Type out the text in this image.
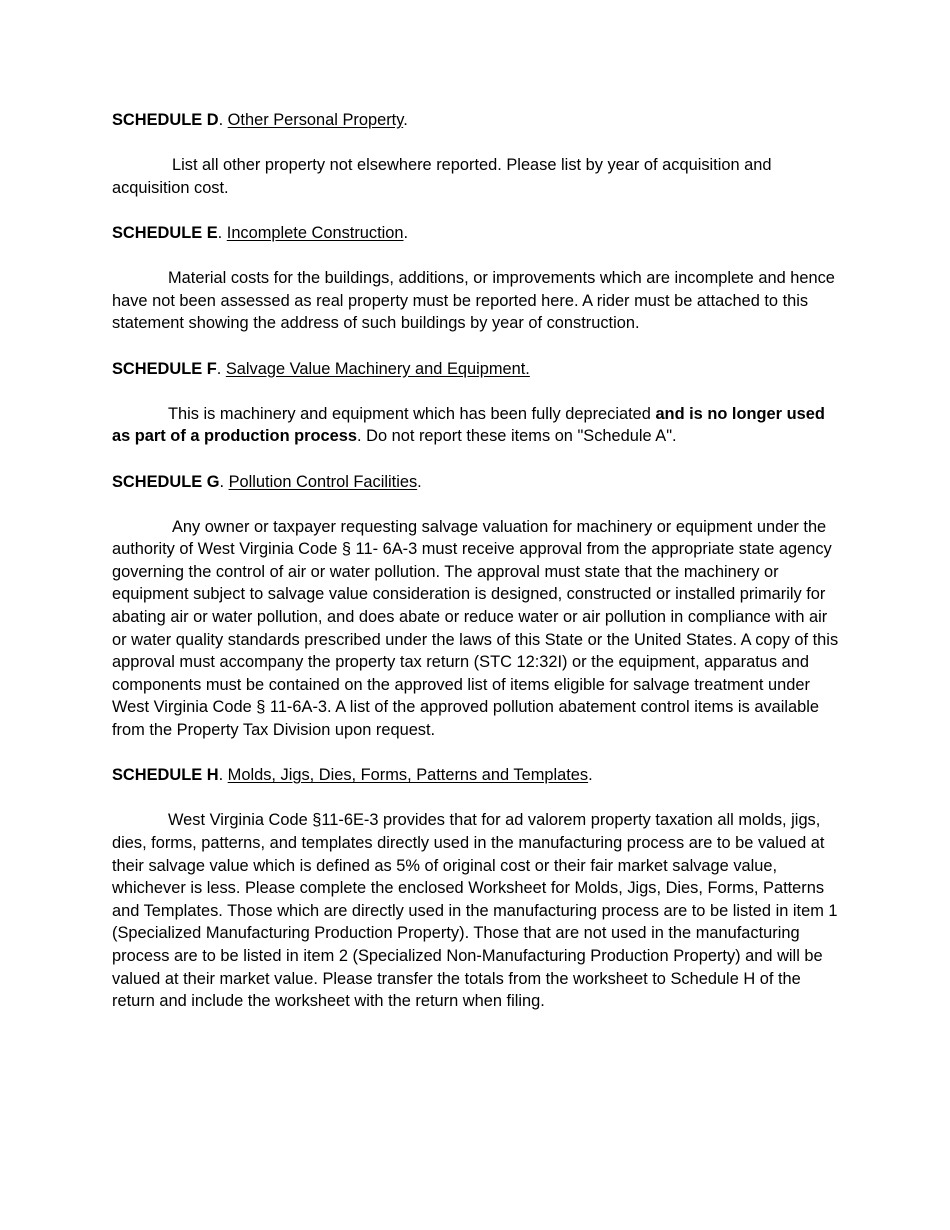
SCHEDULE D. Other Personal Property.

List all other property not elsewhere reported. Please list by year of acquisition and acquisition cost.

SCHEDULE E. Incomplete Construction.

Material costs for the buildings, additions, or improvements which are incomplete and hence have not been assessed as real property must be reported here. A rider must be attached to this statement showing the address of such buildings by year of construction.

SCHEDULE F. Salvage Value Machinery and Equipment.

This is machinery and equipment which has been fully depreciated and is no longer used as part of a production process. Do not report these items on "Schedule A".

SCHEDULE G. Pollution Control Facilities.

Any owner or taxpayer requesting salvage valuation for machinery or equipment under the authority of West Virginia Code § 11- 6A-3 must receive approval from the appropriate state agency governing the control of air or water pollution. The approval must state that the machinery or equipment subject to salvage value consideration is designed, constructed or installed primarily for abating air or water pollution, and does abate or reduce water or air pollution in compliance with air or water quality standards prescribed under the laws of this State or the United States. A copy of this approval must accompany the property tax return (STC 12:32I) or the equipment, apparatus and components must be contained on the approved list of items eligible for salvage treatment under West Virginia Code § 11-6A-3. A list of the approved pollution abatement control items is available from the Property Tax Division upon request.

SCHEDULE H. Molds, Jigs, Dies, Forms, Patterns and Templates.

West Virginia Code §11-6E-3 provides that for ad valorem property taxation all molds, jigs, dies, forms, patterns, and templates directly used in the manufacturing process are to be valued at their salvage value which is defined as 5% of original cost or their fair market salvage value, whichever is less. Please complete the enclosed Worksheet for Molds, Jigs, Dies, Forms, Patterns and Templates. Those which are directly used in the manufacturing process are to be listed in item 1 (Specialized Manufacturing Production Property). Those that are not used in the manufacturing process are to be listed in item 2 (Specialized Non-Manufacturing Production Property) and will be valued at their market value. Please transfer the totals from the worksheet to Schedule H of the return and include the worksheet with the return when filing.
